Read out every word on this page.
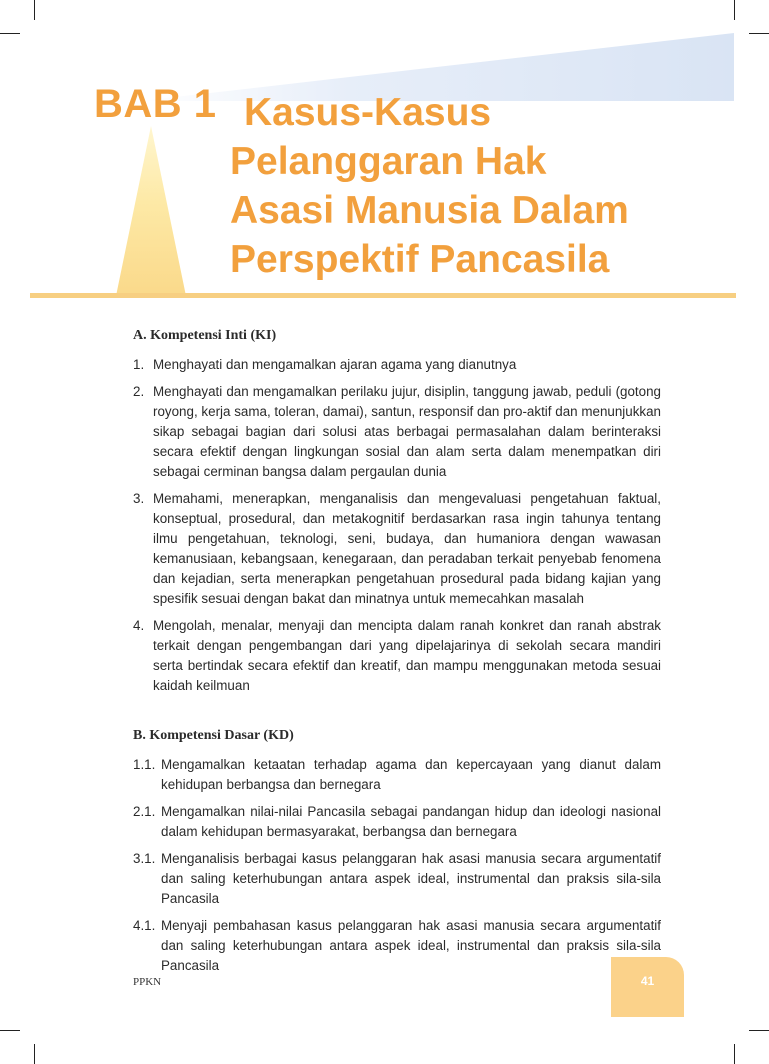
BAB 1 Kasus-Kasus
Pelanggaran Hak
Asasi Manusia Dalam
Perspektif Pancasila
A. Kompetensi Inti (KI)
1. Menghayati dan mengamalkan ajaran agama yang dianutnya
2. Menghayati dan mengamalkan perilaku jujur, disiplin, tanggung jawab, peduli (gotong royong, kerja sama, toleran, damai), santun, responsif dan pro-aktif dan menunjukkan sikap sebagai bagian dari solusi atas berbagai permasalahan dalam berinteraksi secara efektif dengan lingkungan sosial dan alam serta dalam menempatkan diri sebagai cerminan bangsa dalam pergaulan dunia
3. Memahami, menerapkan, menganalisis dan mengevaluasi pengetahuan faktual, konseptual, prosedural, dan metakognitif berdasarkan rasa ingin tahunya tentang ilmu pengetahuan, teknologi, seni, budaya, dan humaniora dengan wawasan kemanusiaan, kebangsaan, kenegaraan, dan peradaban terkait penyebab fenomena dan kejadian, serta menerapkan pengetahuan prosedural pada bidang kajian yang spesifik sesuai dengan bakat dan minatnya untuk memecahkan masalah
4. Mengolah, menalar, menyaji dan mencipta dalam ranah konkret dan ranah abstrak terkait dengan pengembangan dari yang dipelajarinya di sekolah secara mandiri serta bertindak secara efektif dan kreatif, dan mampu menggunakan metoda sesuai kaidah keilmuan
B. Kompetensi Dasar (KD)
1.1. Mengamalkan ketaatan terhadap agama dan kepercayaan yang dianut dalam kehidupan berbangsa dan bernegara
2.1. Mengamalkan nilai-nilai Pancasila sebagai pandangan hidup dan ideologi nasional dalam kehidupan bermasyarakat, berbangsa dan bernegara
3.1. Menganalisis berbagai kasus pelanggaran hak asasi manusia secara argumentatif dan saling keterhubungan antara aspek ideal, instrumental dan praksis sila-sila Pancasila
4.1. Menyaji pembahasan kasus pelanggaran hak asasi manusia secara argumentatif dan saling keterhubungan antara aspek ideal, instrumental dan praksis sila-sila Pancasila
PPKN	41
